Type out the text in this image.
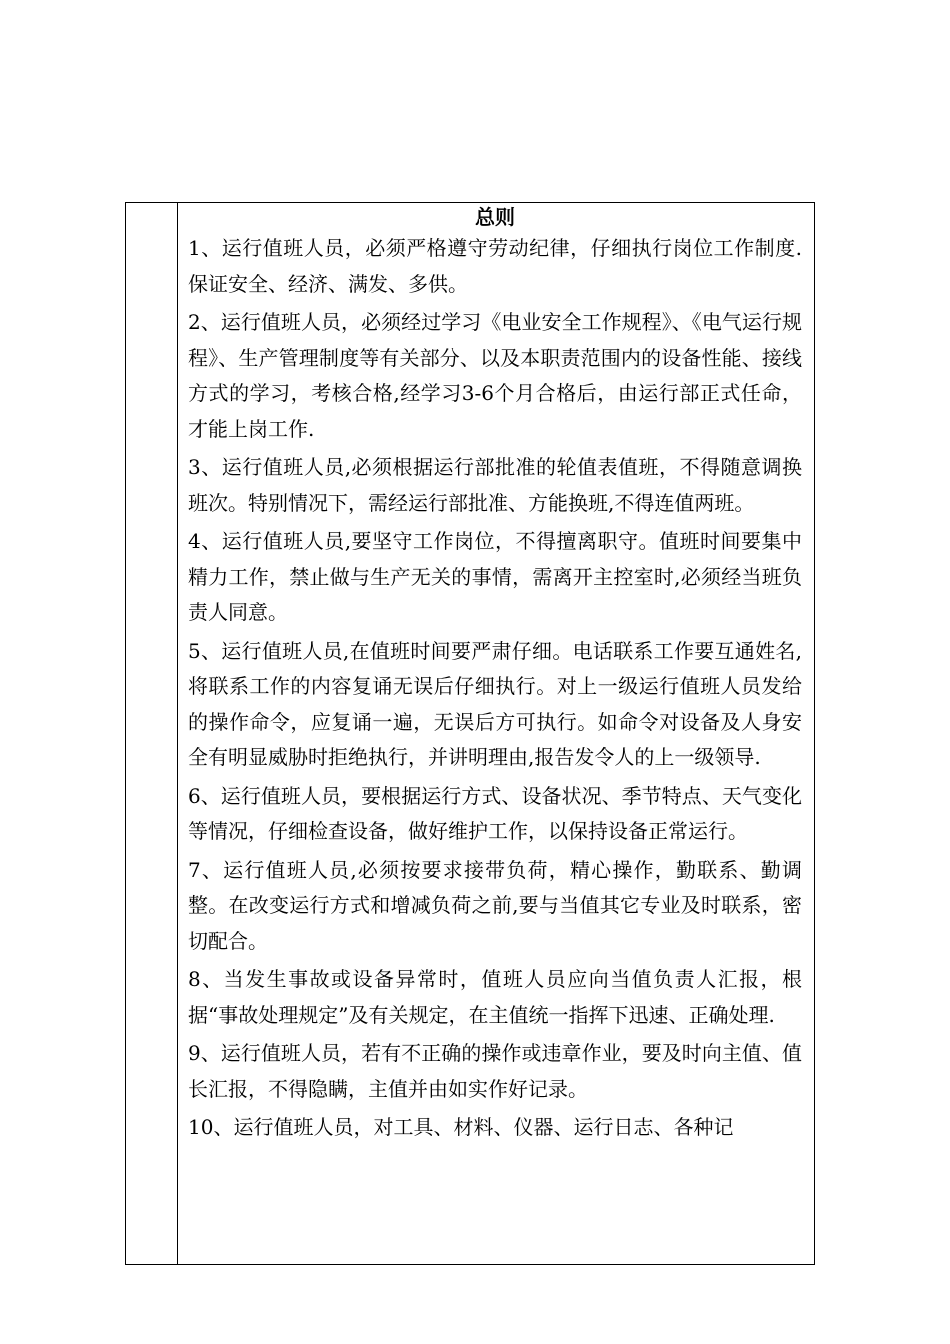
总则

1、运行值班人员，必须严格遵守劳动纪律，仔细执行岗位工作制度.保证安全、经济、满发、多供。

2、运行值班人员，必须经过学习《电业安全工作规程》、《电气运行规程》、生产管理制度等有关部分、以及本职责范围内的设备性能、接线方式的学习，考核合格,经学习3-6个月合格后，由运行部正式任命，才能上岗工作.

3、运行值班人员,必须根据运行部批准的轮值表值班，不得随意调换班次。特别情况下，需经运行部批准、方能换班,不得连值两班。

4、运行值班人员,要坚守工作岗位，不得擅离职守。值班时间要集中精力工作，禁止做与生产无关的事情，需离开主控室时,必须经当班负责人同意。

5、运行值班人员,在值班时间要严肃仔细。电话联系工作要互通姓名,将联系工作的内容复诵无误后仔细执行。对上一级运行值班人员发给的操作命令，应复诵一遍，无误后方可执行。如命令对设备及人身安全有明显威胁时拒绝执行，并讲明理由,报告发令人的上一级领导.

6、运行值班人员，要根据运行方式、设备状况、季节特点、天气变化等情况，仔细检查设备，做好维护工作，以保持设备正常运行。

7、运行值班人员,必须按要求接带负荷，精心操作，勤联系、勤调整。在改变运行方式和增减负荷之前,要与当值其它专业及时联系，密切配合。

8、当发生事故或设备异常时，值班人员应向当值负责人汇报，根据“事故处理规定”及有关规定，在主值统一指挥下迅速、正确处理.

9、运行值班人员，若有不正确的操作或违章作业，要及时向主值、值长汇报，不得隐瞒，主值并由如实作好记录。

10、运行值班人员，对工具、材料、仪器、运行日志、各种记
